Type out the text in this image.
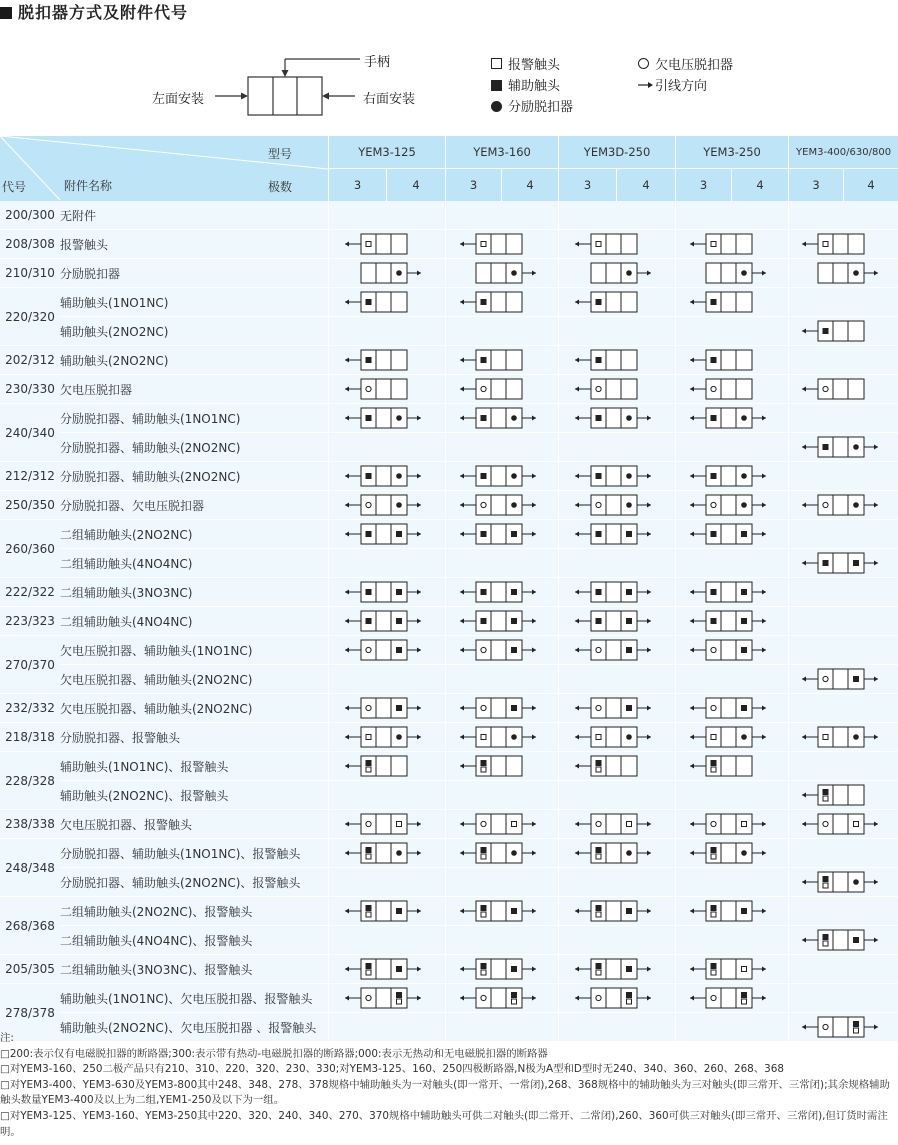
脱扣器方式及附件代号
左面安装	右面安装
手柄	报警触头
辅助触头
分励脱扣器
欠电压脱扣器
引线方向
型号
极数
代号 附件名称		YEM3-125		YEM3-160		YEM3D-250		YEM3-250		YEM3-400/630/800	
		3	4	3	4	3	4	3	4	3	4
200/300	无附件										
208/308	报警触头	

210/310	分励脱扣器	

220/320	辅助触头(1NO1NC)	

	辅助触头(2NO2NC)					

202/312	辅助触头(2NO2NC)	

230/330	欠电压脱扣器	

240/340	分励脱扣器、辅助触头(1NO1NC)	

	分励脱扣器、辅助触头(2NO2NC)					

212/312	分励脱扣器、辅助触头(2NO2NC)	

250/350	分励脱扣器、欠电压脱扣器	

260/360	二组辅助触头(2NO2NC)	

	二组辅助触头(4NO4NC)					

222/322	二组辅助触头(3NO3NC)	

223/323	二组辅助触头(4NO4NC)	

270/370	欠电压脱扣器、辅助触头(1NO1NC)	

	欠电压脱扣器、辅助触头(2NO2NC)					

232/332	欠电压脱扣器、辅助触头(2NO2NC)	

218/318	分励脱扣器、报警触头	

228/328	辅助触头(1NO1NC)、报警触头	

	辅助触头(2NO2NC)、报警触头					

238/338	欠电压脱扣器、报警触头	

248/348	分励脱扣器、辅助触头(1NO1NC)、报警触头	

	分励脱扣器、辅助触头(2NO2NC)、报警触头					

268/368	二组辅助触头(2NO2NC)、报警触头	

	二组辅助触头(4NO4NC)、报警触头					

205/305	二组辅助触头(3NO3NC)、报警触头	

278/378	辅助触头(1NO1NC)、欠电压脱扣器、报警触头	

	辅助触头(2NO2NC)、欠电压脱扣器 、报警触头					
注:
□200:表示仅有电磁脱扣器的断路器;300:表示带有热动-电磁脱扣器的断路器;000:表示无热动和无电磁脱扣器的断路器
□对YEM3-160、250二极产品只有210、310、220、320、230、330;对YEM3-125、160、250四极断路器,N极为A型和D型时无240、340、360、260、268、368
□对YEM3-400、YEM3-630及YEM3-800其中248、348、278、378规格中辅助触头为一对触头(即一常开、一常闭),268、368规格中的辅助触头为三对触头(即三常开、三常闭);其余规格辅助 触头数量YEM3-400及以上为二组,YEM1-250及以下为一组。
□对YEM3-125、YEM3-160、YEM3-250其中220、320、240、340、270、370规格中辅助触头可供二对触头(即二常开、二常闭),260、360可供三对触头(即三常开、三常闭),但订货时需注明。
